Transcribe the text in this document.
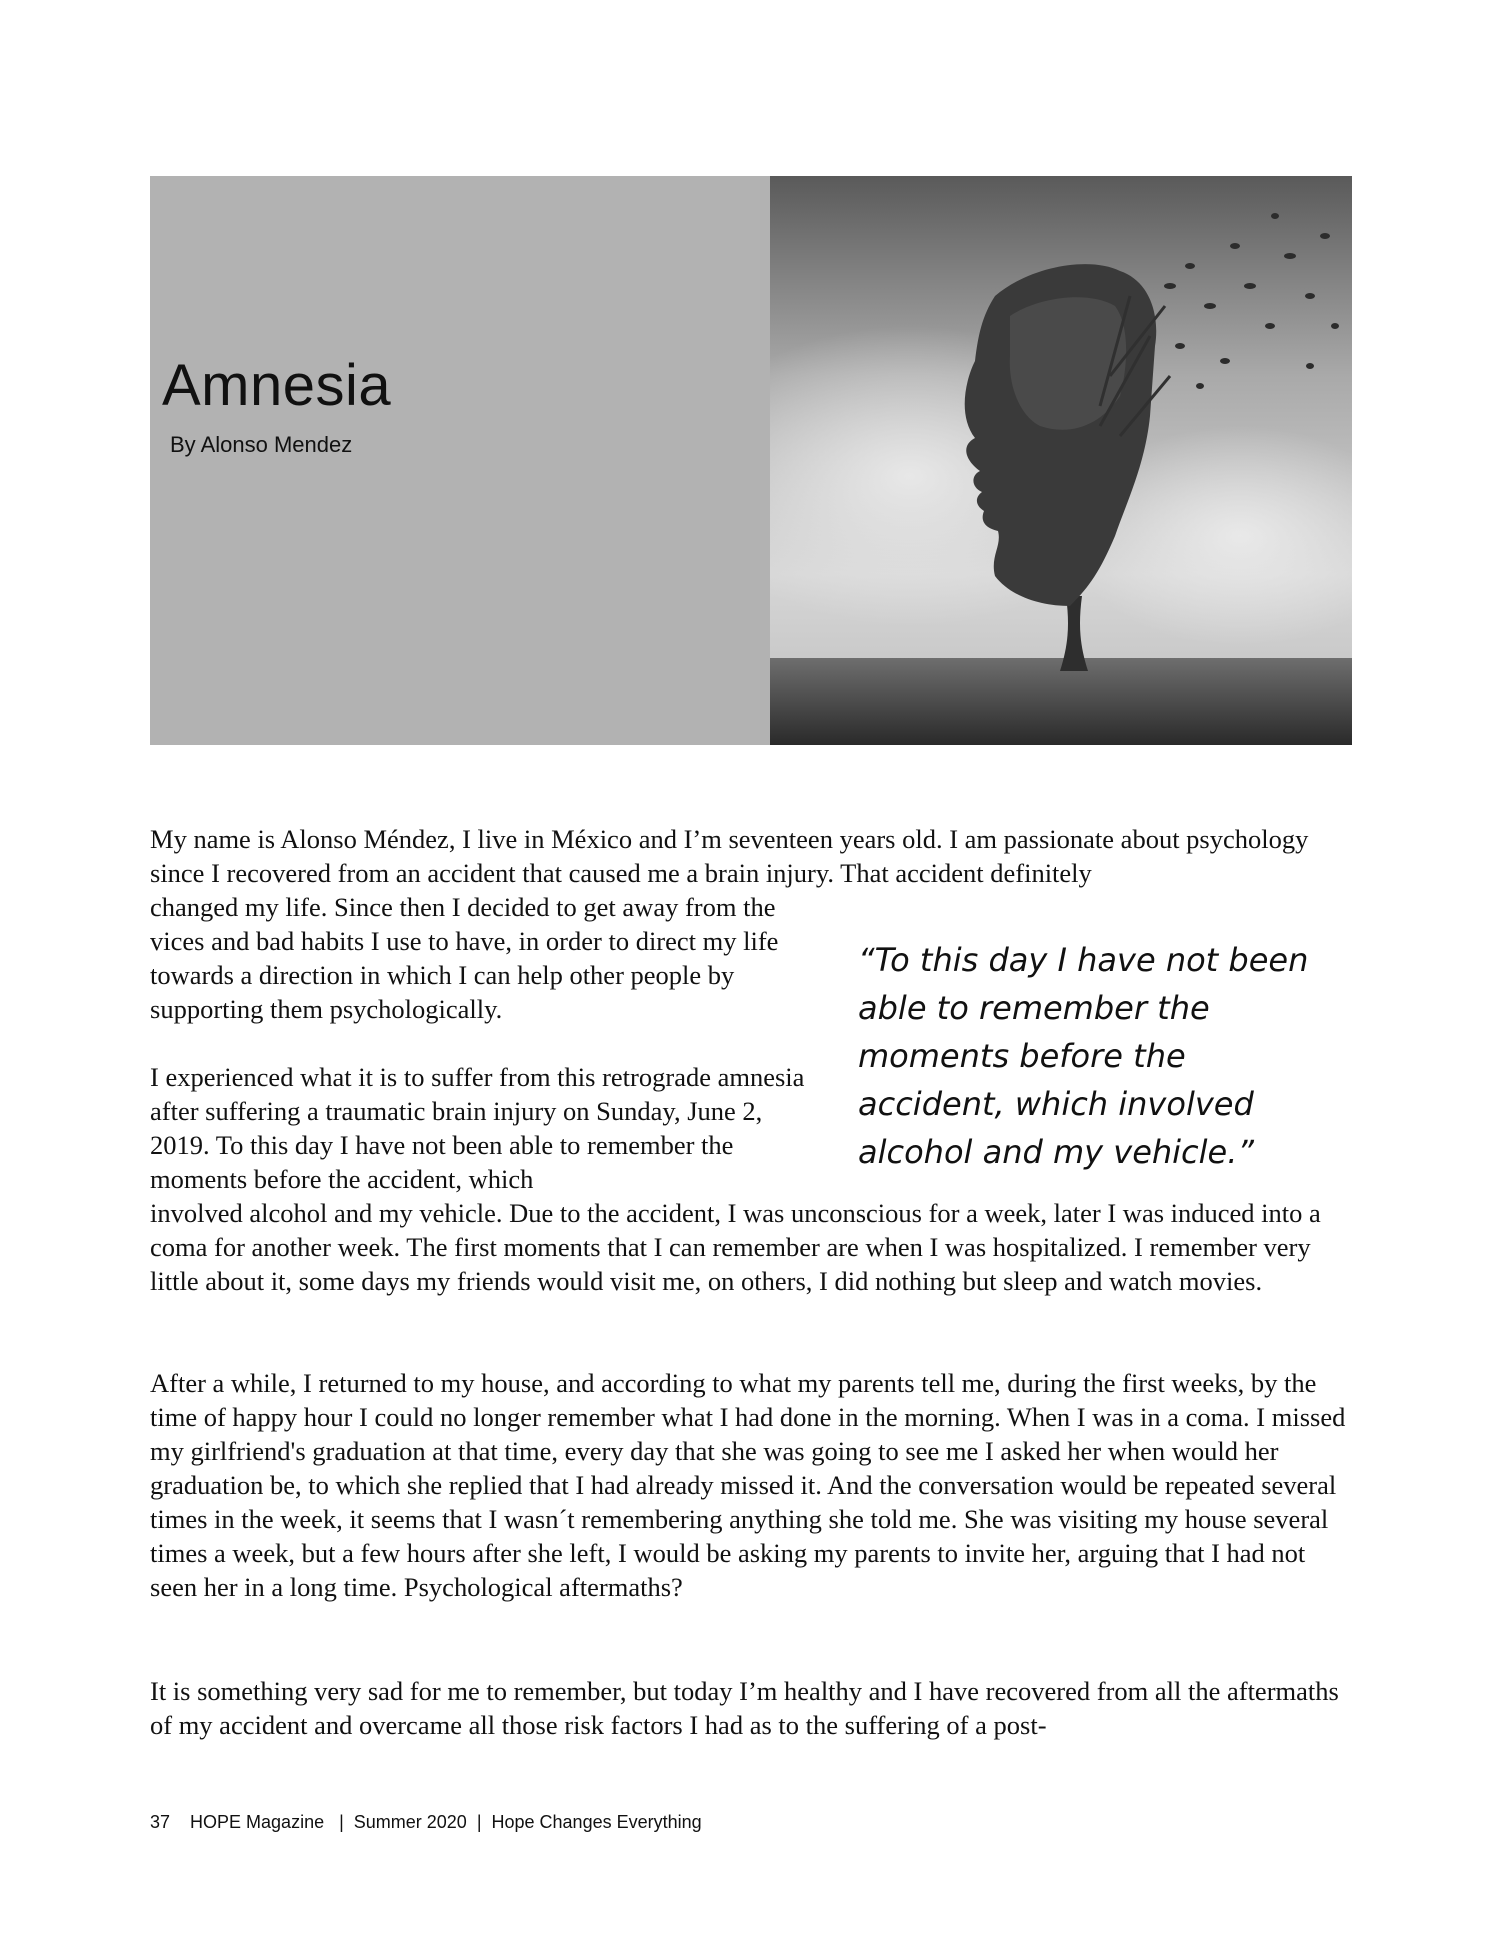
Amnesia
By Alonso Mendez

My name is Alonso Méndez, I live in México and I’m seventeen years old. I am passionate about psychology since I recovered from an accident that caused me a brain injury. That accident definitely

changed my life. Since then I decided to get away from the vices and bad habits I use to have, in order to direct my life towards a direction in which I can help other people by supporting them psychologically.

I experienced what it is to suffer from this retrograde amnesia after suffering a traumatic brain injury on Sunday, June 2, 2019. To this day I have not been able to remember the moments before the accident, which

involved alcohol and my vehicle. Due to the accident, I was unconscious for a week, later I was induced into a coma for another week. The first moments that I can remember are when I was hospitalized. I remember very little about it, some days my friends would visit me, on others, I did nothing but sleep and watch movies.

After a while, I returned to my house, and according to what my parents tell me, during the first weeks, by the time of happy hour I could no longer remember what I had done in the morning. When I was in a coma. I missed my girlfriend's graduation at that time, every day that she was going to see me I asked her when would her graduation be, to which she replied that I had already missed it. And the conversation would be repeated several times in the week, it seems that I wasn´t remembering anything she told me. She was visiting my house several times a week, but a few hours after she left, I would be asking my parents to invite her, arguing that I had not seen her in a long time. Psychological aftermaths?

It is something very sad for me to remember, but today I’m healthy and I have recovered from all the aftermaths of my accident and overcame all those risk factors I had as to the suffering of a post-

“To this day I have not been able to remember the moments before the accident, which involved alcohol and my vehicle.”

37    HOPE Magazine   |  Summer 2020  |  Hope Changes Everything
